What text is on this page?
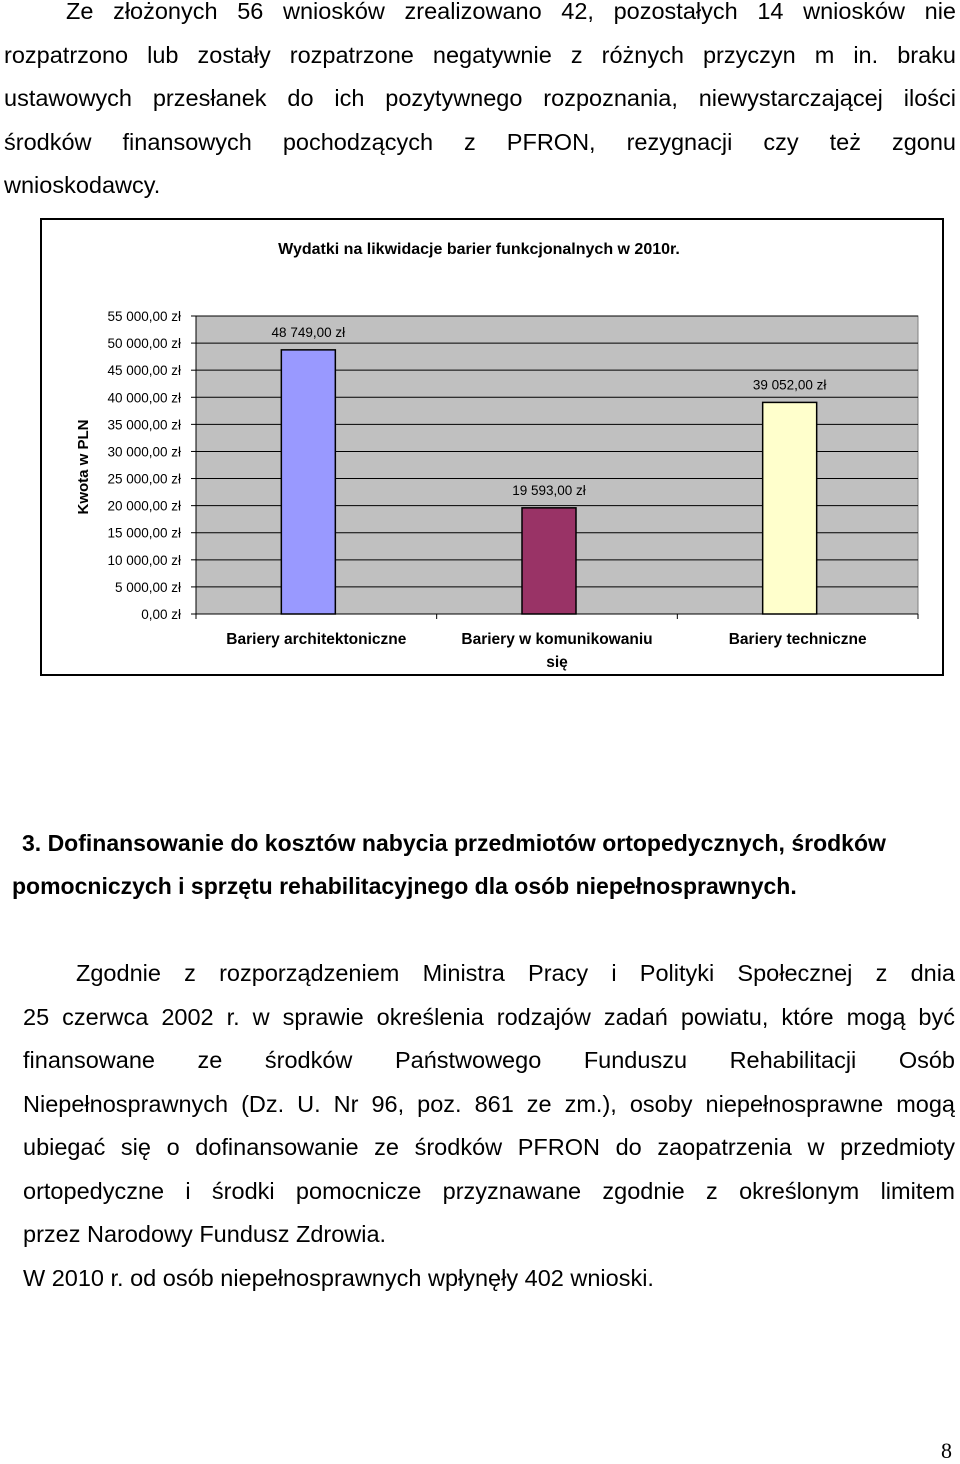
Ze złożonych 56 wniosków zrealizowano 42, pozostałych 14 wniosków nie
rozpatrzono lub zostały rozpatrzone negatywnie z różnych przyczyn m in. braku
ustawowych przesłanek do ich pozytywnego rozpoznania, niewystarczającej ilości
środków finansowych pochodzących z PFRON, rezygnacji czy też zgonu
wnioskodawcy.
Wydatki na likwidacje barier funkcjonalnych w 2010r.
Kwota w PLN
0,00 zł
5 000,00 zł
10 000,00 zł
15 000,00 zł
20 000,00 zł
25 000,00 zł
30 000,00 zł
35 000,00 zł
40 000,00 zł
45 000,00 zł
50 000,00 zł
55 000,00 zł
48 749,00 zł
Bariery architektoniczne
19 593,00 zł
Bariery w komunikowaniu
się
39 052,00 zł
Bariery techniczne
3. Dofinansowanie do kosztów nabycia przedmiotów ortopedycznych, środków
pomocniczych i sprzętu rehabilitacyjnego dla osób niepełnosprawnych.
Zgodnie z rozporządzeniem Ministra Pracy i Polityki Społecznej z dnia
25 czerwca 2002 r. w sprawie określenia rodzajów zadań powiatu, które mogą być
finansowane ze środków Państwowego Funduszu Rehabilitacji Osób
Niepełnosprawnych (Dz. U. Nr 96, poz. 861 ze zm.), osoby niepełnosprawne mogą
ubiegać się o dofinansowanie ze środków PFRON do zaopatrzenia w przedmioty
ortopedyczne i środki pomocnicze przyznawane zgodnie z określonym limitem
przez Narodowy Fundusz Zdrowia.
W 2010 r. od osób niepełnosprawnych wpłynęły 402 wnioski.
8
